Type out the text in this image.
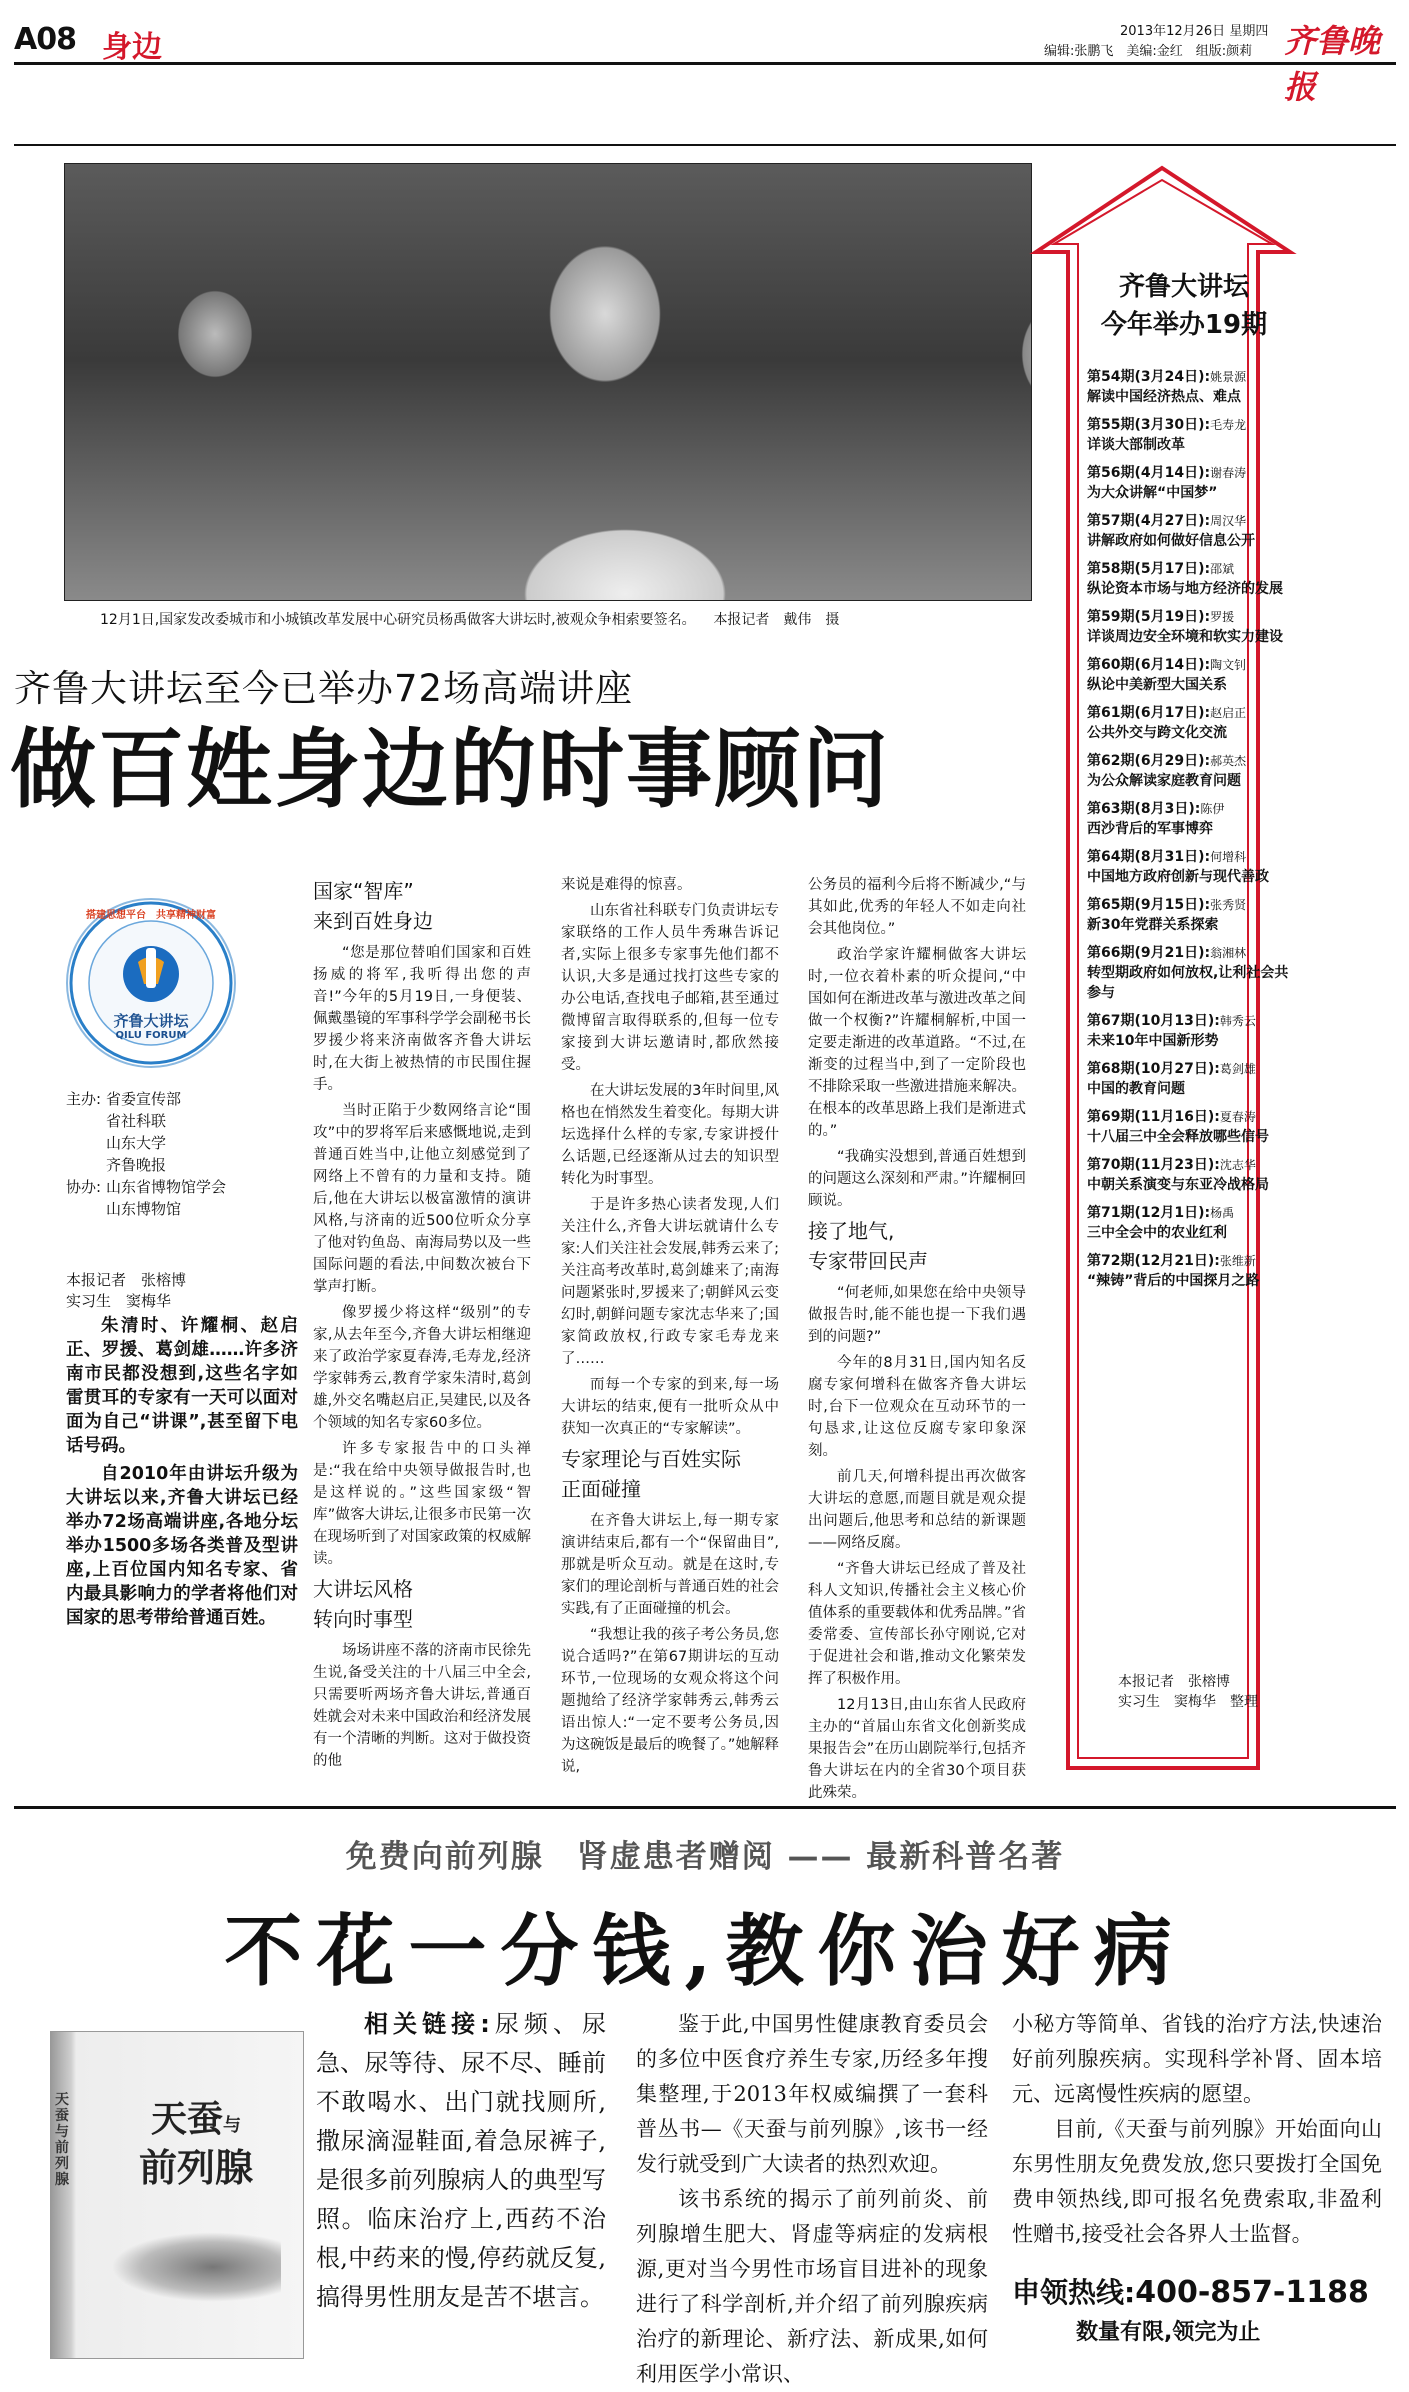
A08 身边	2013年12月26日 星期四
编辑:张鹏飞　美编:金红　组版:颜莉 齐鲁晚报
12月1日,国家发改委城市和小城镇改革发展中心研究员杨禹做客大讲坛时,被观众争相索要签名。 本报记者　戴伟　摄
齐鲁大讲坛至今已举办72场高端讲座
做百姓身边的时事顾问
搭建思想平台　共享精神财富
齐鲁大讲坛
QILU FORUM
主办: 省委宣传部
省社科联
山东大学
齐鲁晚报
协办: 山东省博物馆学会
山东博物馆
本报记者　张榕博
实习生　窦梅华

朱清时、许耀桐、赵启正、罗援、葛剑雄……许多济南市民都没想到,这些名字如雷贯耳的专家有一天可以面对面为自己“讲课”,甚至留下电话号码。

自2010年由讲坛升级为大讲坛以来,齐鲁大讲坛已经举办72场高端讲座,各地分坛举办1500多场各类普及型讲座,上百位国内知名专家、省内最具影响力的学者将他们对国家的思考带给普通百姓。

国家“智库”
来到百姓身边

“您是那位替咱们国家和百姓扬威的将军,我听得出您的声音!”今年的5月19日,一身便装、佩戴墨镜的军事科学学会副秘书长罗援少将来济南做客齐鲁大讲坛时,在大街上被热情的市民围住握手。

当时正陷于少数网络言论“围攻”中的罗将军后来感慨地说,走到普通百姓当中,让他立刻感觉到了网络上不曾有的力量和支持。随后,他在大讲坛以极富激情的演讲风格,与济南的近500位听众分享了他对钓鱼岛、南海局势以及一些国际问题的看法,中间数次被台下掌声打断。

像罗援少将这样“级别”的专家,从去年至今,齐鲁大讲坛相继迎来了政治学家夏春涛,毛寿龙,经济学家韩秀云,教育学家朱清时,葛剑雄,外交名嘴赵启正,吴建民,以及各个领域的知名专家60多位。

许多专家报告中的口头禅是:“我在给中央领导做报告时,也是这样说的。”这些国家级“智库”做客大讲坛,让很多市民第一次在现场听到了对国家政策的权威解读。

大讲坛风格
转向时事型

场场讲座不落的济南市民徐先生说,备受关注的十八届三中全会,只需要听两场齐鲁大讲坛,普通百姓就会对未来中国政治和经济发展有一个清晰的判断。这对于做投资的他

来说是难得的惊喜。

山东省社科联专门负责讲坛专家联络的工作人员牛秀琳告诉记者,实际上很多专家事先他们都不认识,大多是通过找打这些专家的办公电话,查找电子邮箱,甚至通过微博留言取得联系的,但每一位专家接到大讲坛邀请时,都欣然接受。

在大讲坛发展的3年时间里,风格也在悄然发生着变化。每期大讲坛选择什么样的专家,专家讲授什么话题,已经逐渐从过去的知识型转化为时事型。

于是许多热心读者发现,人们关注什么,齐鲁大讲坛就请什么专家:人们关注社会发展,韩秀云来了;关注高考改革时,葛剑雄来了;南海问题紧张时,罗援来了;朝鲜风云变幻时,朝鲜问题专家沈志华来了;国家简政放权,行政专家毛寿龙来了……

而每一个专家的到来,每一场大讲坛的结束,便有一批听众从中获知一次真正的“专家解读”。

专家理论与百姓实际
正面碰撞

在齐鲁大讲坛上,每一期专家演讲结束后,都有一个“保留曲目”,那就是听众互动。就是在这时,专家们的理论剖析与普通百姓的社会实践,有了正面碰撞的机会。

“我想让我的孩子考公务员,您说合适吗?”在第67期讲坛的互动环节,一位现场的女观众将这个问题抛给了经济学家韩秀云,韩秀云语出惊人:“一定不要考公务员,因为这碗饭是最后的晚餐了。”她解释说,

公务员的福利今后将不断减少,“与其如此,优秀的年轻人不如走向社会其他岗位。”

政治学家许耀桐做客大讲坛时,一位衣着朴素的听众提问,“中国如何在渐进改革与激进改革之间做一个权衡?”许耀桐解析,中国一定要走渐进的改革道路。“不过,在渐变的过程当中,到了一定阶段也不排除采取一些激进措施来解决。在根本的改革思路上我们是渐进式的。”

“我确实没想到,普通百姓想到的问题这么深刻和严肃。”许耀桐回顾说。

接了地气,
专家带回民声

“何老师,如果您在给中央领导做报告时,能不能也提一下我们遇到的问题?”

今年的8月31日,国内知名反腐专家何增科在做客齐鲁大讲坛时,台下一位观众在互动环节的一句恳求,让这位反腐专家印象深刻。

前几天,何增科提出再次做客大讲坛的意愿,而题目就是观众提出问题后,他思考和总结的新课题——网络反腐。

“齐鲁大讲坛已经成了普及社科人文知识,传播社会主义核心价值体系的重要载体和优秀品牌。”省委常委、宣传部长孙守刚说,它对于促进社会和谐,推动文化繁荣发挥了积极作用。

12月13日,由山东省人民政府主办的“首届山东省文化创新奖成果报告会”在历山剧院举行,包括齐鲁大讲坛在内的全省30个项目获此殊荣。

齐鲁大讲坛
今年举办19期
第54期(3月24日):姚景源
解读中国经济热点、难点
第55期(3月30日):毛寿龙
详谈大部制改革
第56期(4月14日):谢春涛
为大众讲解“中国梦”
第57期(4月27日):周汉华
讲解政府如何做好信息公开
第58期(5月17日):邵斌
纵论资本市场与地方经济的发展
第59期(5月19日):罗援
详谈周边安全环境和软实力建设
第60期(6月14日):陶文钊
纵论中美新型大国关系
第61期(6月17日):赵启正
公共外交与跨文化交流
第62期(6月29日):郝英杰
为公众解读家庭教育问题
第63期(8月3日):陈伊
西沙背后的军事博弈
第64期(8月31日):何增科
中国地方政府创新与现代善政
第65期(9月15日):张秀贤
新30年党群关系探索
第66期(9月21日):翁湘林
转型期政府如何放权,让利社会共参与
第67期(10月13日):韩秀云
未来10年中国新形势
第68期(10月27日):葛剑雄
中国的教育问题
第69期(11月16日):夏春涛
十八届三中全会释放哪些信号
第70期(11月23日):沈志华
中朝关系演变与东亚冷战格局
第71期(12月1日):杨禹
三中全会中的农业红利
第72期(12月21日):张维新
“辣铸”背后的中国探月之路
本报记者　张榕博
实习生　窦梅华　整理
免费向前列腺　肾虚患者赠阅 —— 最新科普名著
不花一分钱,教你治好病
天蚕与前列腺
天蚕与
前列腺

相关链接:尿频、尿急、尿等待、尿不尽、睡前不敢喝水、出门就找厕所,撒尿滴湿鞋面,着急尿裤子,是很多前列腺病人的典型写照。临床治疗上,西药不治根,中药来的慢,停药就反复,搞得男性朋友是苦不堪言。

鉴于此,中国男性健康教育委员会的多位中医食疗养生专家,历经多年搜集整理,于2013年权威编撰了一套科普丛书—《天蚕与前列腺》,该书一经发行就受到广大读者的热烈欢迎。

该书系统的揭示了前列前炎、前列腺增生肥大、肾虚等病症的发病根源,更对当今男性市场盲目进补的现象进行了科学剖析,并介绍了前列腺疾病治疗的新理论、新疗法、新成果,如何利用医学小常识、

小秘方等简单、省钱的治疗方法,快速治好前列腺疾病。实现科学补肾、固本培元、远离慢性疾病的愿望。

目前,《天蚕与前列腺》开始面向山东男性朋友免费发放,您只要拨打全国免费申领热线,即可报名免费索取,非盈利性赠书,接受社会各界人士监督。

申领热线:400-857-1188
数量有限,领完为止
